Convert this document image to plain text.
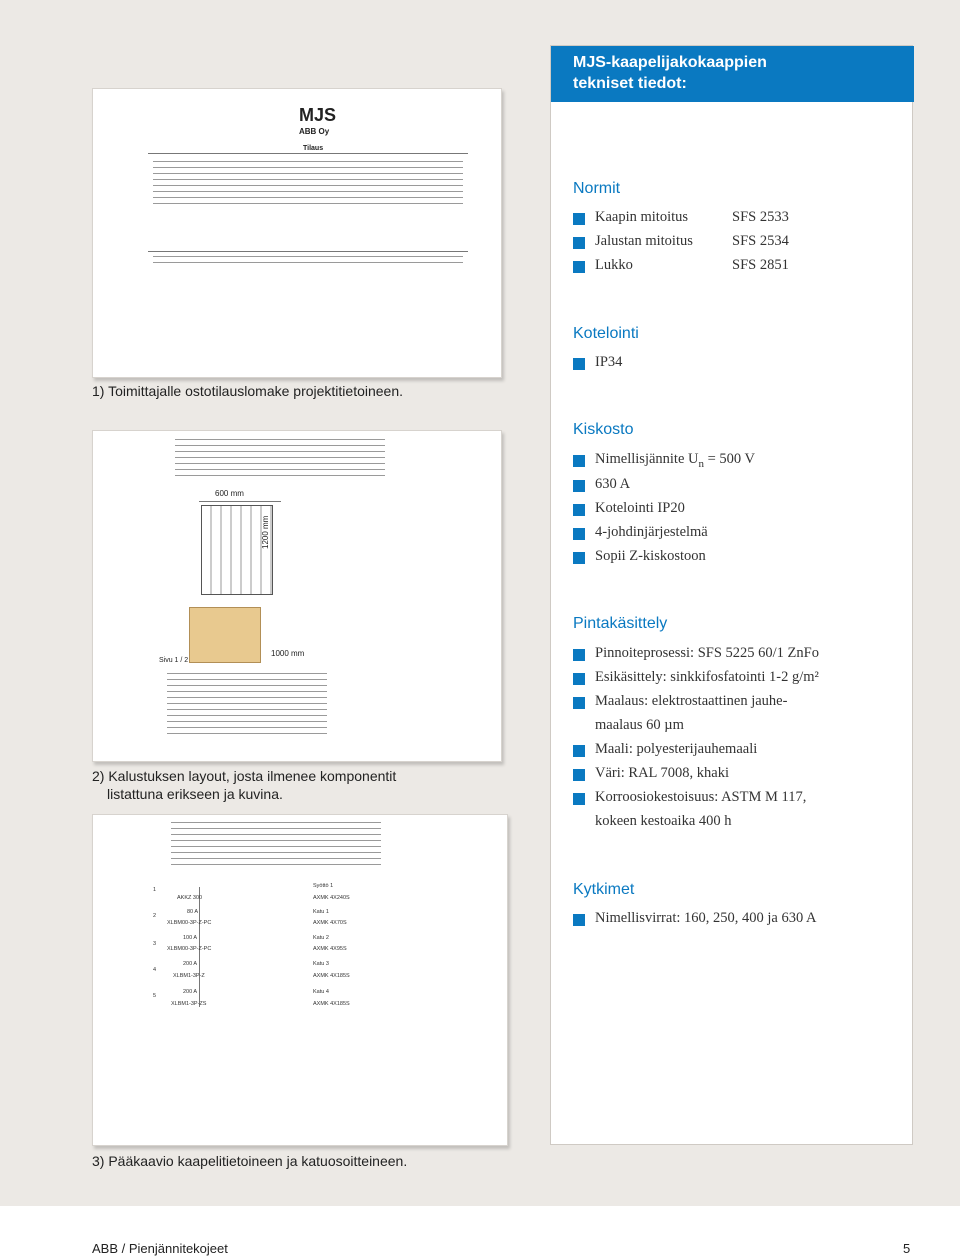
MJS
ABB Oy
Tilaus
1) Toimittajalle ostotilauslomake projektitietoineen.
600 mm
1200 mm
1000 mm
Sivu 1 / 2
2) Kalustuksen layout, josta ilmenee komponentit
listattuna erikseen ja kuvina.
1
AKKZ 300
Syöttö 1
AXMK 4X240S
2
80 A
XLBM00-3P-Z-PC
Katu 1
AXMK 4X70S
3
100 A
XLBM00-3P-Z-PC
Katu 2
AXMK 4X95S
4
200 A
XLBM1-3P-Z
Katu 3
AXMK 4X185S
5
200 A
XLBM1-3P-ZS
Katu 4
AXMK 4X185S
3) Pääkaavio kaapelitietoineen ja katuosoitteineen.
MJS-kaapelijakokaappien
tekniset tiedot:
Normit
Kaapin mitoitus	SFS 2533
Jalustan mitoitus	SFS 2534
Lukko	SFS 2851
Kotelointi
IP34
Kiskosto
Nimellisjännite $U_n = 500$ V
630 A
Kotelointi IP20
4-johdinjärjestelmä
Sopii Z-kiskostoon
Pintakäsittely
Pinnoiteprosessi: SFS 5225 60/1 ZnFo
Esikäsittely: sinkkifosfatointi 1-2 g/m²
Maalaus: elektrostaattinen jauhe-
maalaus 60 µm
Maali: polyesterijauhemaali
Väri: RAL 7008, khaki
Korroosiokestoisuus: ASTM M 117,
kokeen kestoaika 400 h
Kytkimet
Nimellisvirrat: 160, 250, 400 ja 630 A
ABB / Pienjännitekojeet	5
